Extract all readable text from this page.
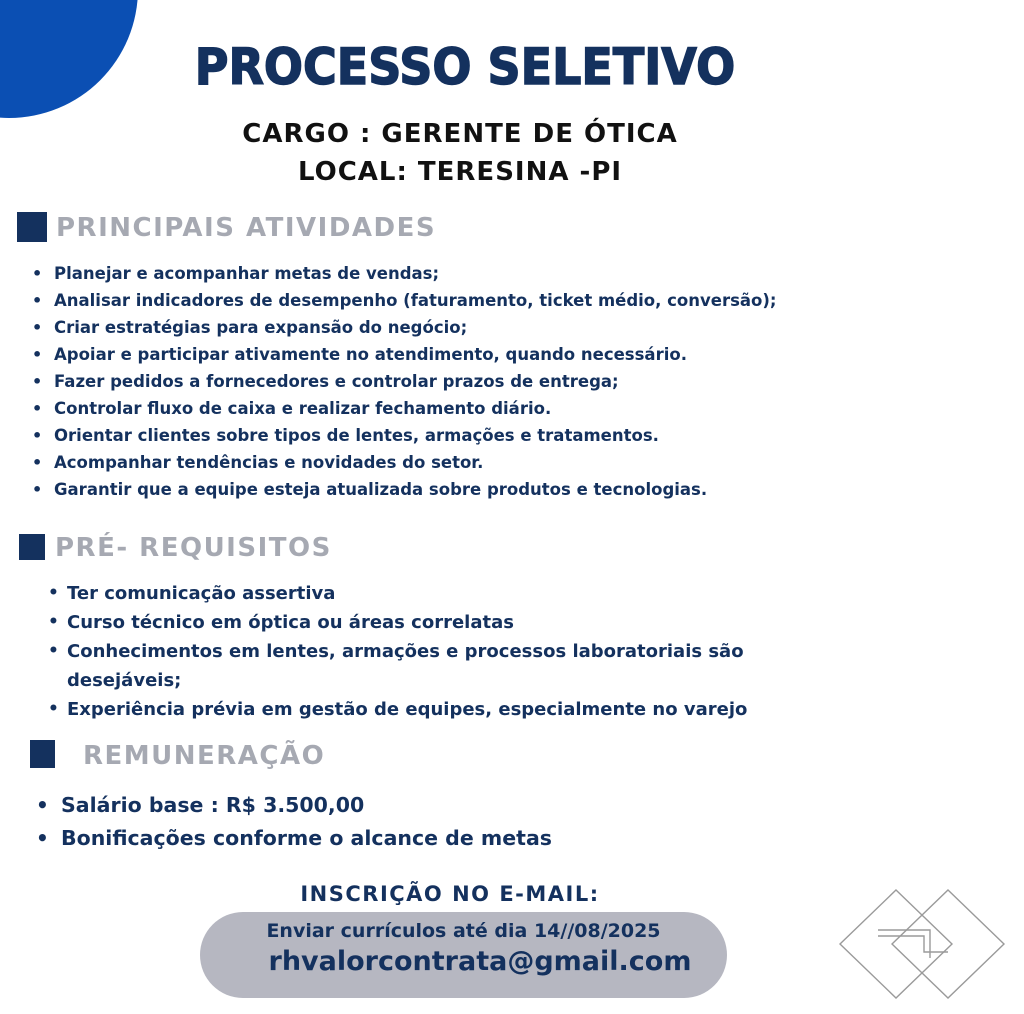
PROCESSO SELETIVO
CARGO : GERENTE DE ÓTICA
LOCAL: TERESINA -PI
PRINCIPAIS ATIVIDADES
• Planejar e acompanhar metas de vendas;
• Analisar indicadores de desempenho (faturamento, ticket médio, conversão);
• Criar estratégias para expansão do negócio;
• Apoiar e participar ativamente no atendimento, quando necessário.
• Fazer pedidos a fornecedores e controlar prazos de entrega;
• Controlar fluxo de caixa e realizar fechamento diário.
• Orientar clientes sobre tipos de lentes, armações e tratamentos.
• Acompanhar tendências e novidades do setor.
• Garantir que a equipe esteja atualizada sobre produtos e tecnologias.
PRÉ- REQUISITOS
• Ter comunicação assertiva
• Curso técnico em óptica ou áreas correlatas
• Conhecimentos em lentes, armações e processos laboratoriais são
desejáveis;
• Experiência prévia em gestão de equipes, especialmente no varejo
REMUNERAÇÃO
• Salário base : R$ 3.500,00
• Bonificações conforme o alcance de metas
INSCRIÇÃO NO E-MAIL:
Enviar currículos até dia 14//08/2025
rhvalorcontrata@gmail.com
